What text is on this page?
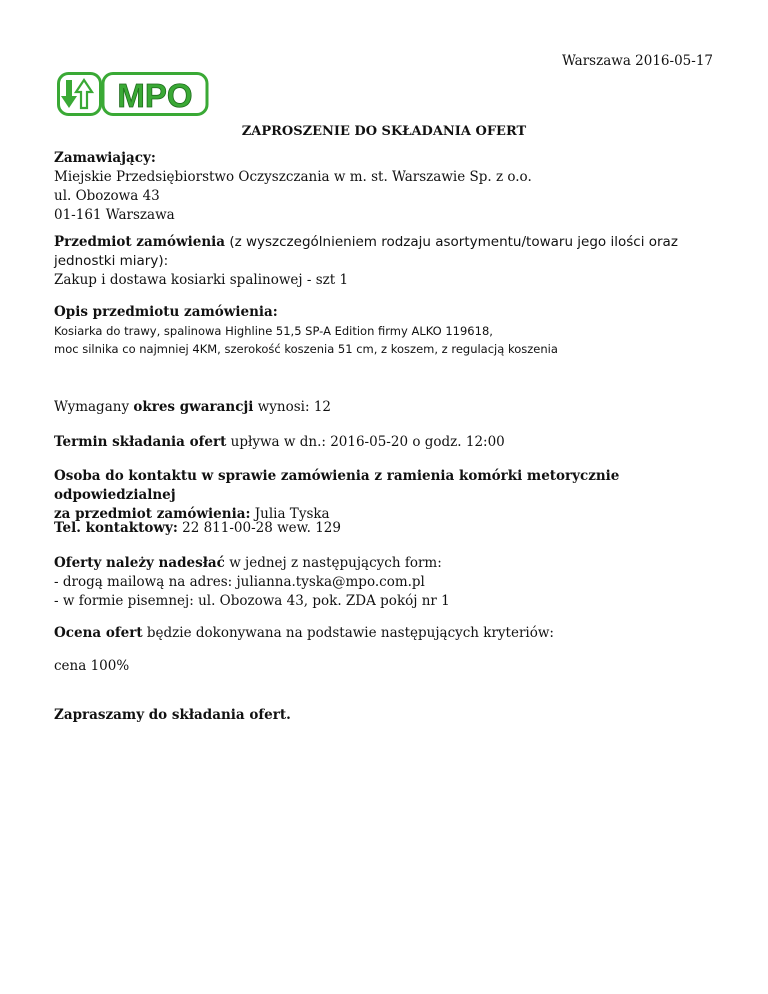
Warszawa 2016-05-17
MPO
ZAPROSZENIE DO SKŁADANIA OFERT
Zamawiający:
Miejskie Przedsiębiorstwo Oczyszczania w m. st. Warszawie Sp. z o.o.
ul. Obozowa 43
01-161 Warszawa
Przedmiot zamówienia (z wyszczególnieniem rodzaju asortymentu/towaru jego ilości oraz
jednostki miary):
Zakup i dostawa kosiarki spalinowej - szt 1
Opis przedmiotu zamówienia:
Kosiarka do trawy, spalinowa Highline 51,5 SP-A Edition firmy ALKO 119618,
moc silnika co najmniej 4KM, szerokość koszenia 51 cm, z koszem, z regulacją koszenia
Wymagany okres gwarancji wynosi: 12
Termin składania ofert upływa w dn.: 2016-05-20 o godz. 12:00
Osoba do kontaktu w sprawie zamówienia z ramienia komórki metorycznie odpowiedzialnej
za przedmiot zamówienia: Julia Tyska
Tel. kontaktowy: 22 811-00-28 wew. 129
Oferty należy nadesłać w jednej z następujących form:
- drogą mailową na adres: julianna.tyska@mpo.com.pl
- w formie pisemnej: ul. Obozowa 43, pok. ZDA pokój nr 1
Ocena ofert będzie dokonywana na podstawie następujących kryteriów:
cena 100%
Zapraszamy do składania ofert.
